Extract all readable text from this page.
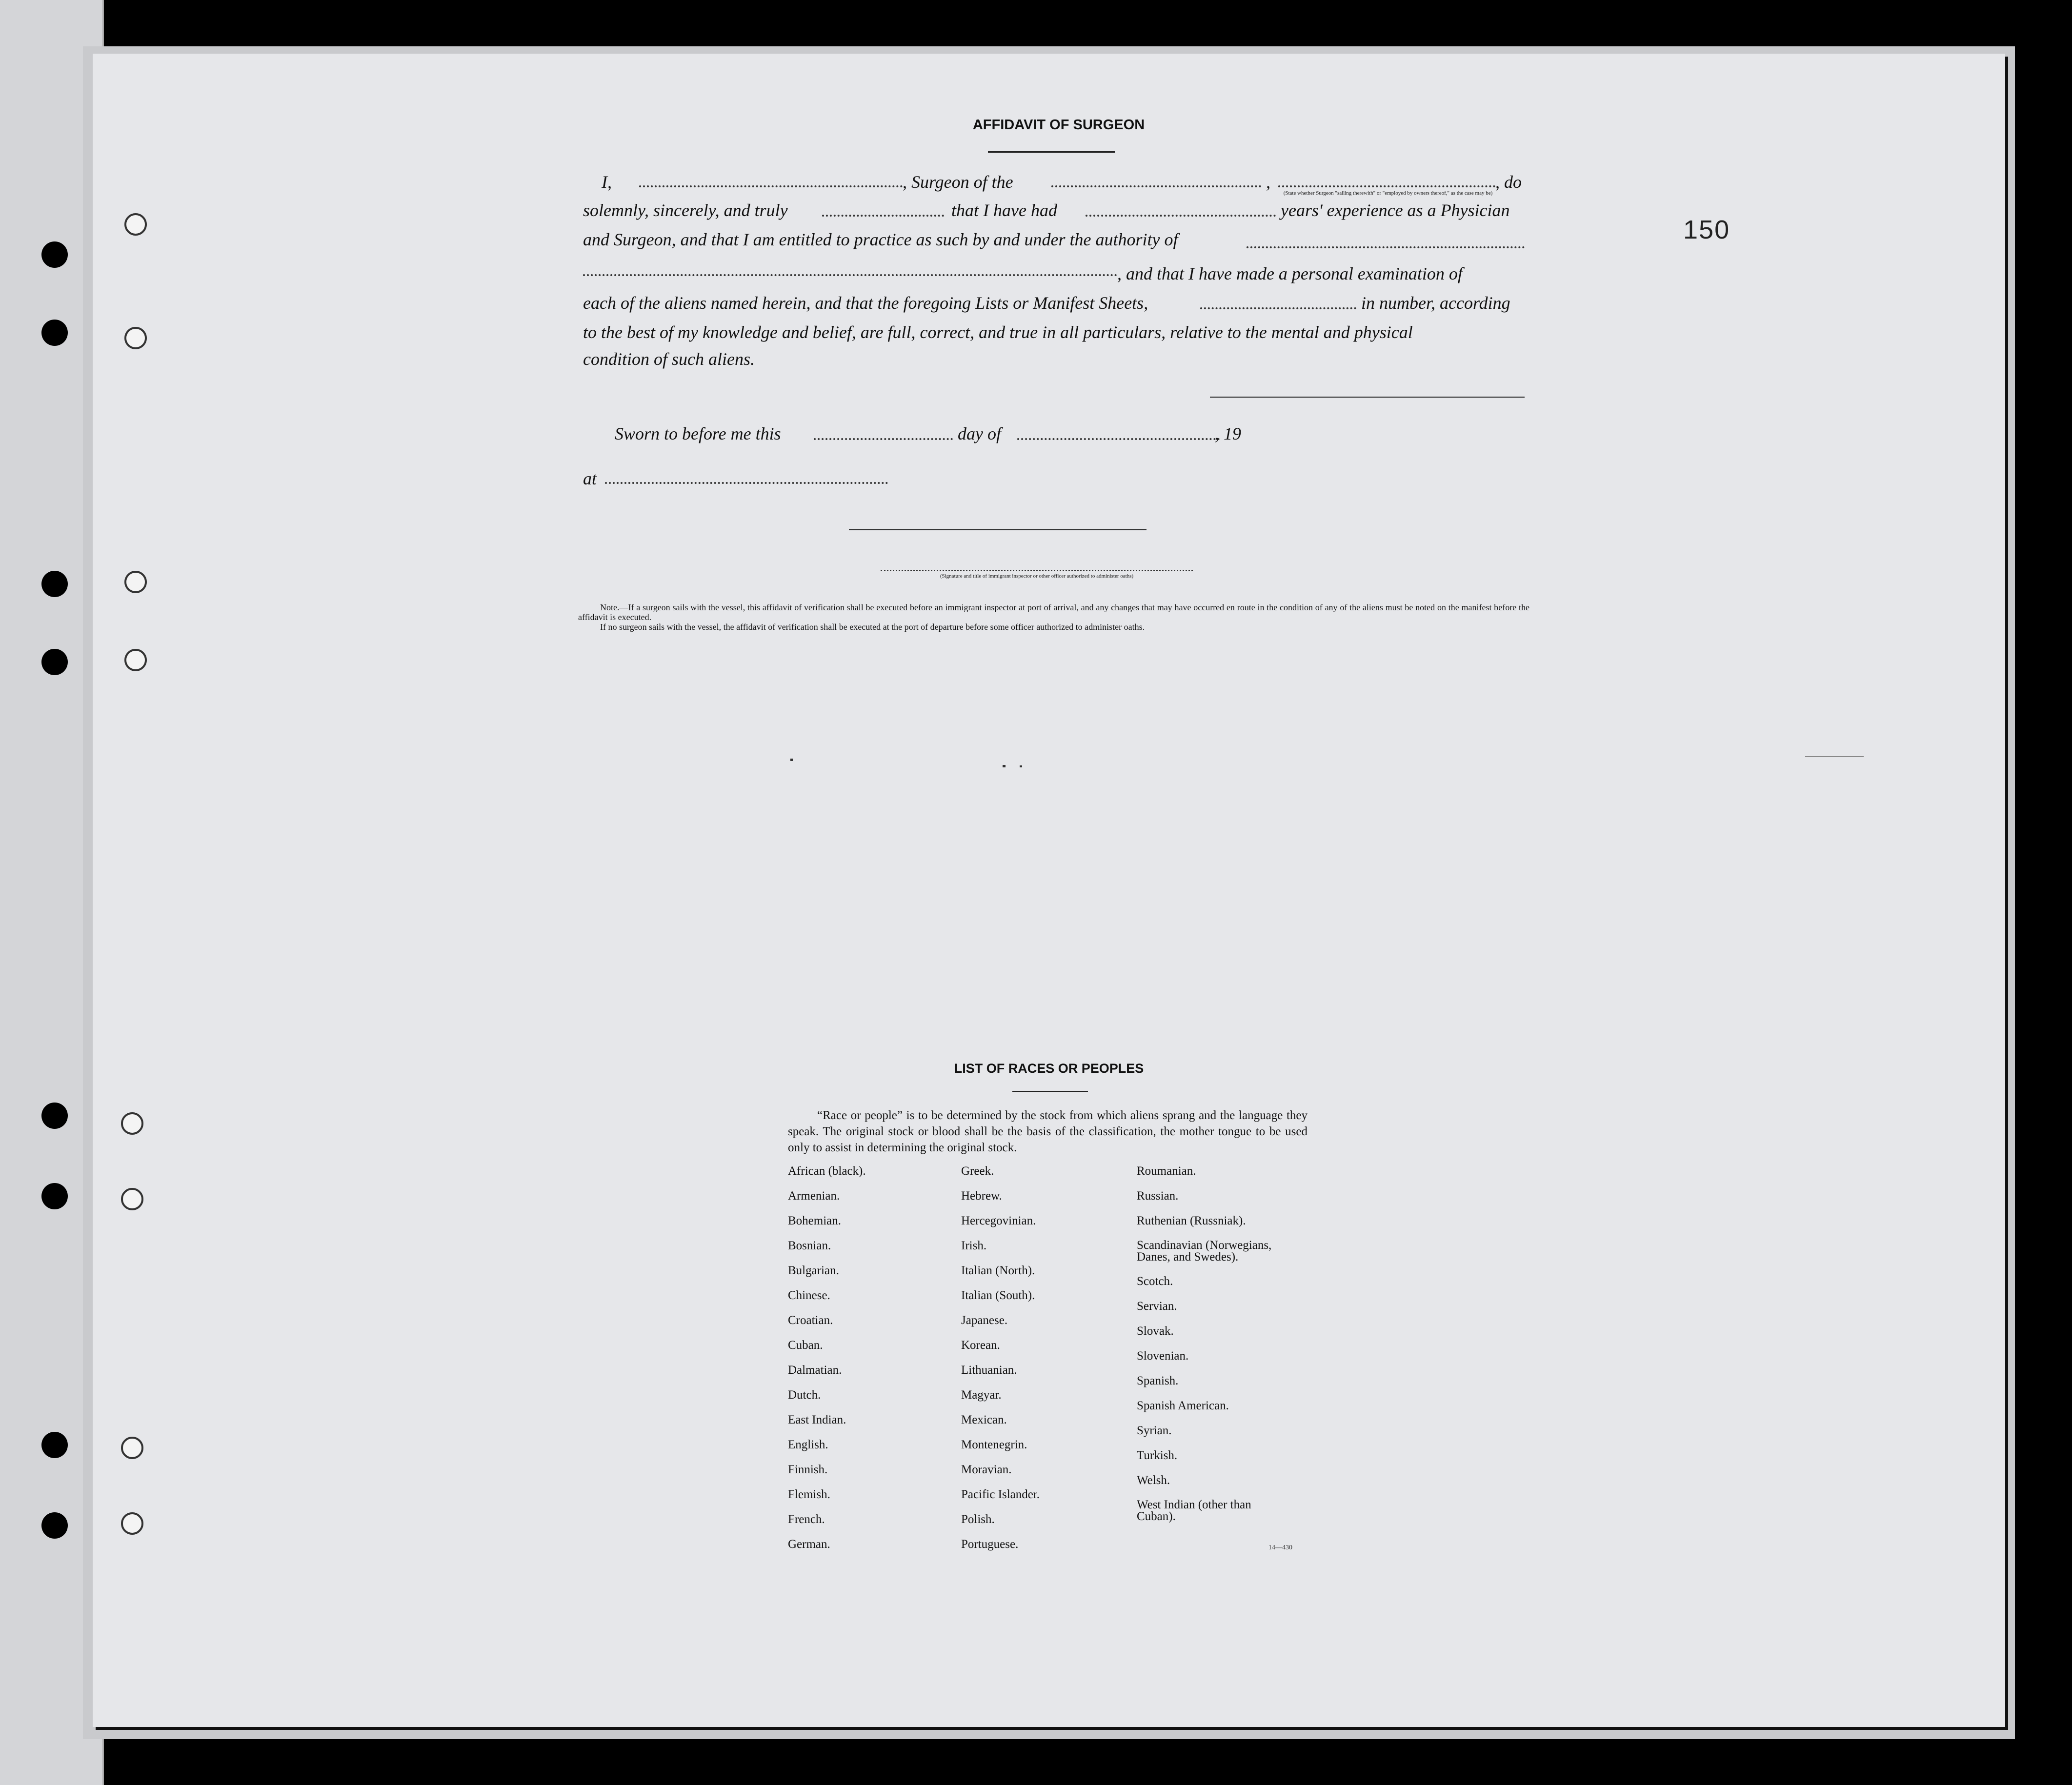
150
AFFIDAVIT OF SURGEON
I,	, Surgeon of the	,	, do
(State whether Surgeon "sailing therewith" or "employed by owners thereof," as the case may be)
solemnly, sincerely, and truly	that I have had	years' experience as a Physician
and Surgeon, and that I am entitled to practice as such by and under the authority of
, and that I have made a personal examination of
each of the aliens named herein, and that the foregoing Lists or Manifest Sheets,	in number, according
to the best of my knowledge and belief, are full, correct, and true in all particulars, relative to the mental and physical
condition of such aliens.
Sworn to before me this	day of	, 19
at
(Signature and title of immigrant inspector or other officer authorized to administer oaths)

Note.—If a surgeon sails with the vessel, this affidavit of verification shall be executed before an immigrant inspector at port of arrival, and any changes that may have occurred en route in the condition of any of the aliens must be noted on the manifest before the affidavit is executed.

If no surgeon sails with the vessel, the affidavit of verification shall be executed at the port of departure before some officer authorized to administer oaths.

LIST OF RACES OR PEOPLES

“Race or people” is to be determined by the stock from which aliens sprang and the language they speak. The original stock or blood shall be the basis of the classification, the mother tongue to be used only to assist in determining the original stock.

African (black).
Armenian.
Bohemian.
Bosnian.
Bulgarian.
Chinese.
Croatian.
Cuban.
Dalmatian.
Dutch.
East Indian.
English.
Finnish.
Flemish.
French.
German.
Greek.
Hebrew.
Hercegovinian.
Irish.
Italian (North).
Italian (South).
Japanese.
Korean.
Lithuanian.
Magyar.
Mexican.
Montenegrin.
Moravian.
Pacific Islander.
Polish.
Portuguese.
Roumanian.
Russian.
Ruthenian (Russniak).
Scandinavian (Norwegians, Danes, and Swedes).
Scotch.
Servian.
Slovak.
Slovenian.
Spanish.
Spanish American.
Syrian.
Turkish.
Welsh.
West Indian (other than Cuban).
14—430
